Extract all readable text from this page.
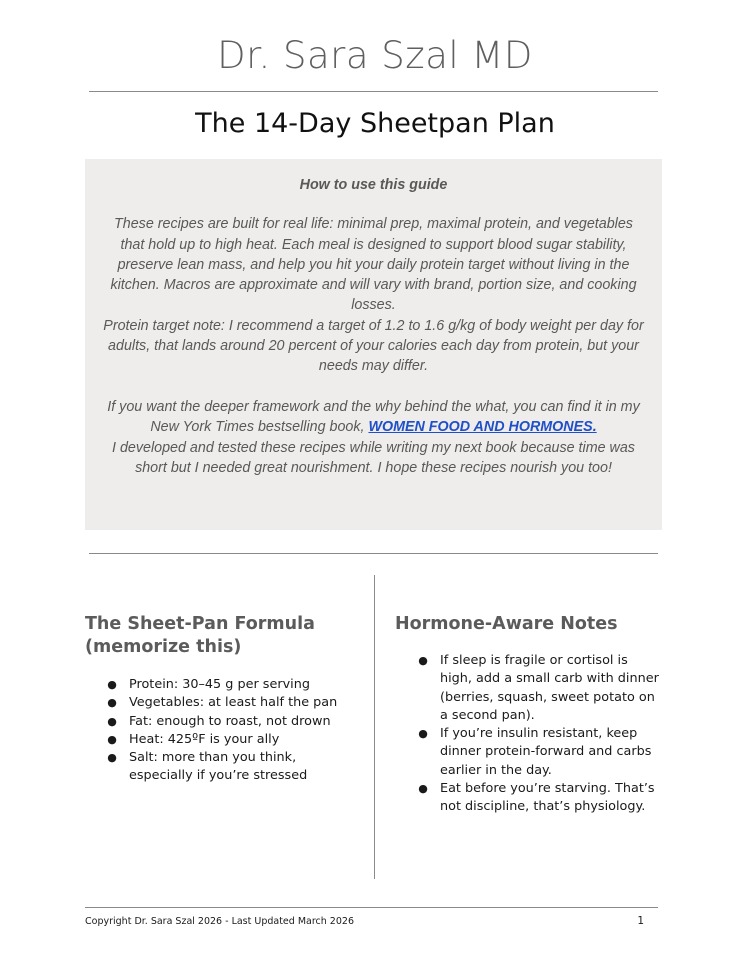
Dr. Sara Szal MD
The 14-Day Sheetpan Plan
How to use this guide

These recipes are built for real life: minimal prep, maximal protein, and vegetables that hold up to high heat. Each meal is designed to support blood sugar stability, preserve lean mass, and help you hit your daily protein target without living in the kitchen. Macros are approximate and will vary with brand, portion size, and cooking losses.

Protein target note: I recommend a target of 1.2 to 1.6 g/kg of body weight per day for adults, that lands around 20 percent of your calories each day from protein, but your needs may differ.

If you want the deeper framework and the why behind the what, you can find it in my New York Times bestselling book, WOMEN FOOD AND HORMONES.

I developed and tested these recipes while writing my next book because time was short but I needed great nourishment. I hope these recipes nourish you too!

The Sheet-Pan Formula (memorize this)
● Protein: 30–45 g per serving
● Vegetables: at least half the pan
● Fat: enough to roast, not drown
● Heat: 425ºF is your ally
● Salt: more than you think, especially if you’re stressed
Hormone-Aware Notes
● If sleep is fragile or cortisol is high, add a small carb with dinner (berries, squash, sweet potato on a second pan).
● If you’re insulin resistant, keep dinner protein-forward and carbs earlier in the day.
● Eat before you’re starving. That’s not discipline, that’s physiology.
Copyright Dr. Sara Szal 2026 - Last Updated March 2026	1
